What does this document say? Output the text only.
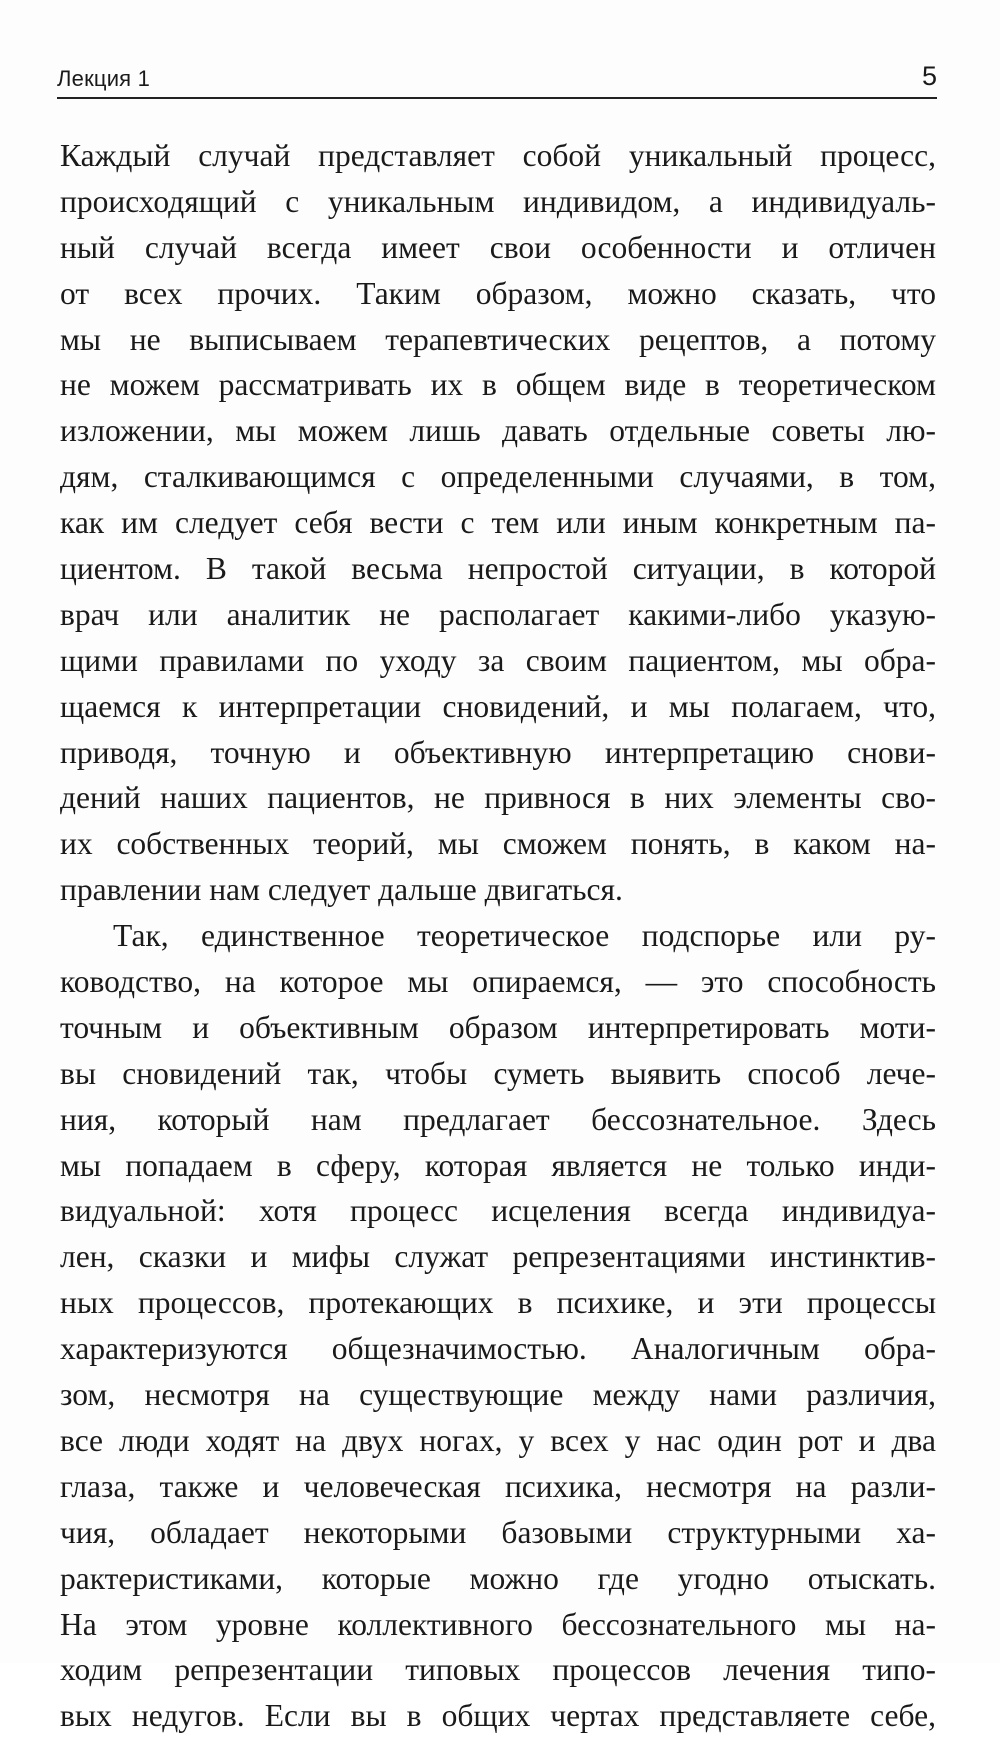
Лекция 1	5
Каждый случай представляет собой уникальный процесс,
происходящий с уникальным индивидом, а индивидуаль-
ный случай всегда имеет свои особенности и отличен
от всех прочих. Таким образом, можно сказать, что
мы не выписываем терапевтических рецептов, а потому
не можем рассматривать их в общем виде в теоретическом
изложении, мы можем лишь давать отдельные советы лю-
дям, сталкивающимся с определенными случаями, в том,
как им следует себя вести с тем или иным конкретным па-
циентом. В такой весьма непростой ситуации, в которой
врач или аналитик не располагает какими-либо указую-
щими правилами по уходу за своим пациентом, мы обра-
щаемся к интерпретации сновидений, и мы полагаем, что,
приводя, точную и объективную интерпретацию снови-
дений наших пациентов, не привнося в них элементы сво-
их собственных теорий, мы сможем понять, в каком на-
правлении нам следует дальше двигаться.
Так, единственное теоретическое подспорье или ру-
ководство, на которое мы опираемся, — это способность
точным и объективным образом интерпретировать моти-
вы сновидений так, чтобы суметь выявить способ лече-
ния, который нам предлагает бессознательное. Здесь
мы попадаем в сферу, которая является не только инди-
видуальной: хотя процесс исцеления всегда индивидуа-
лен, сказки и мифы служат репрезентациями инстинктив-
ных процессов, протекающих в психике, и эти процессы
характеризуются общезначимостью. Аналогичным обра-
зом, несмотря на существующие между нами различия,
все люди ходят на двух ногах, у всех у нас один рот и два
глаза, также и человеческая психика, несмотря на разли-
чия, обладает некоторыми базовыми структурными ха-
рактеристиками, которые можно где угодно отыскать.
На этом уровне коллективного бессознательного мы на-
ходим репрезентации типовых процессов лечения типо-
вых недугов. Если вы в общих чертах представляете себе,
